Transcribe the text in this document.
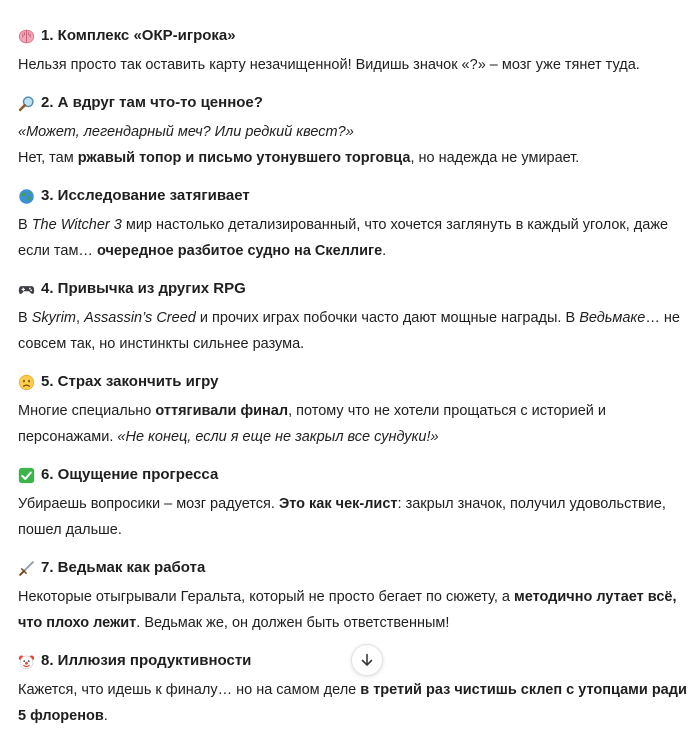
1. Комплекс «ОКР-игрока»

Нельзя просто так оставить карту незачищенной! Видишь значок «?» – мозг уже тянет туда.

2. А вдруг там что-то ценное?

«Может, легендарный меч? Или редкий квест?»

Нет, там ржавый топор и письмо утонувшего торговца, но надежда не умирает.

3. Исследование затягивает

В The Witcher 3 мир настолько детализированный, что хочется заглянуть в каждый уголок, даже если там… очередное разбитое судно на Скеллиге.

4. Привычка из других RPG

В Skyrim, Assassin’s Creed и прочих играх побочки часто дают мощные награды. В Ведьмаке… не совсем так, но инстинкты сильнее разума.

5. Страх закончить игру

Многие специально оттягивали финал, потому что не хотели прощаться с историей и персонажами. «Не конец, если я еще не закрыл все сундуки!»

6. Ощущение прогресса

Убираешь вопросики – мозг радуется. Это как чек-лист: закрыл значок, получил удовольствие, пошел дальше.

7. Ведьмак как работа

Некоторые отыгрывали Геральта, который не просто бегает по сюжету, а методично лутает всё, что плохо лежит. Ведьмак же, он должен быть ответственным!

8. Иллюзия продуктивности

Кажется, что идешь к финалу… но на самом деле в третий раз чистишь склеп с утопцами ради 5 флоренов.
